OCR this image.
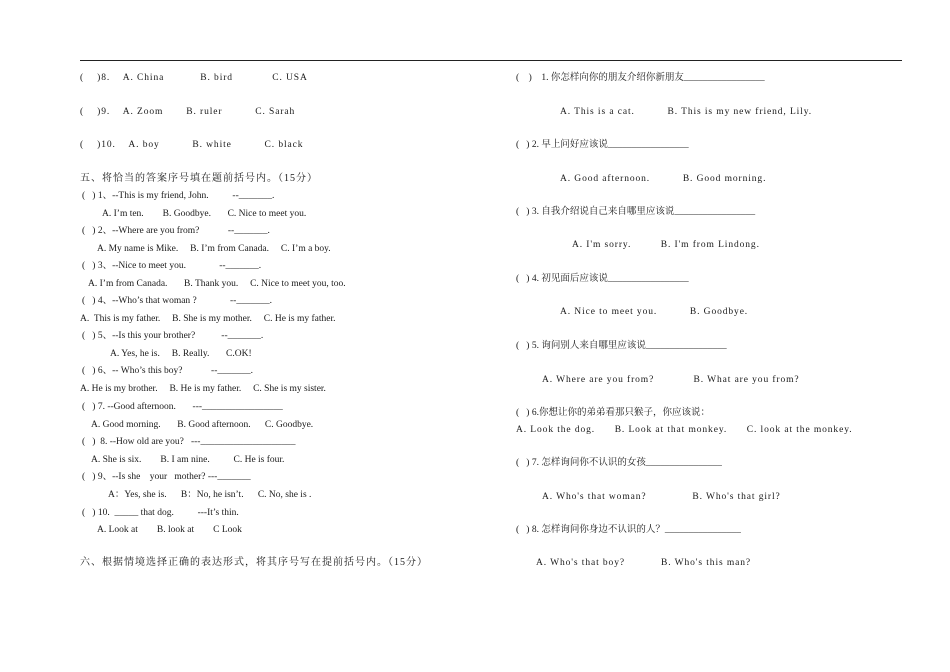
(    )8.    A. China           B. bird            C. USA
(    )9.    A. Zoom       B. ruler          C. Sarah
(    )10.    A. boy          B. white          C. black
五、将恰当的答案序号填在题前括号内。（15分）
(   ) 1、--This is my friend, John.          --_______.
A. I’m ten.        B. Goodbye.       C. Nice to meet you.
(   ) 2、--Where are you from?            --_______.
A. My name is Mike.     B. I’m from Canada.     C. I’m a boy.
(   ) 3、--Nice to meet you.              --_______.
A. I’m from Canada.       B. Thank you.     C. Nice to meet you, too.
(   ) 4、--Who’s that woman ?              --_______.
A.  This is my father.     B. She is my mother.     C. He is my father.
(   ) 5、--Is this your brother?           --_______.
A. Yes, he is.     B. Really.       C.OK!
(   ) 6、-- Who’s this boy?            --_______.
A. He is my brother.     B. He is my father.     C. She is my sister.
(   ) 7. --Good afternoon.       ---_________________
A. Good morning.       B. Good afternoon.      C. Goodbye.
(   )  8. --How old are you?   ---____________________
A. She is six.        B. I am nine.          C. He is four.
(   ) 9、--Is she    your   mother? ---_______
A：Yes, she is.      B：No, he isn’t.      C. No, she is .
(   ) 10.  _____ that dog.          ---It’s thin.
A. Look at        B. look at        C Look
六、根据情境选择正确的表达形式，将其序号写在提前括号内。（15分）
(    )    1. 你怎样向你的朋友介绍你新朋友_________________
A. This is a cat.          B. This is my new friend, Lily.
(   ) 2. 早上问好应该说_________________
A. Good afternoon.          B. Good morning.
(   ) 3. 自我介绍说自己来自哪里应该说_________________
A. I'm sorry.         B. I'm from Lindong.
(   ) 4. 初见面后应该说_________________
A. Nice to meet you.          B. Goodbye.
(   ) 5. 询问别人来自哪里应该说_________________
A. Where are you from?            B. What are you from?
(   ) 6.你想让你的弟弟看那只猴子，你应该说：
A. Look the dog.      B. Look at that monkey.      C. look at the monkey.
(   ) 7. 怎样询问你不认识的女孩________________
A. Who's that woman?              B. Who's that girl?
(   ) 8. 怎样询问你身边不认识的人？________________
A. Who's that boy?           B. Who's this man?
